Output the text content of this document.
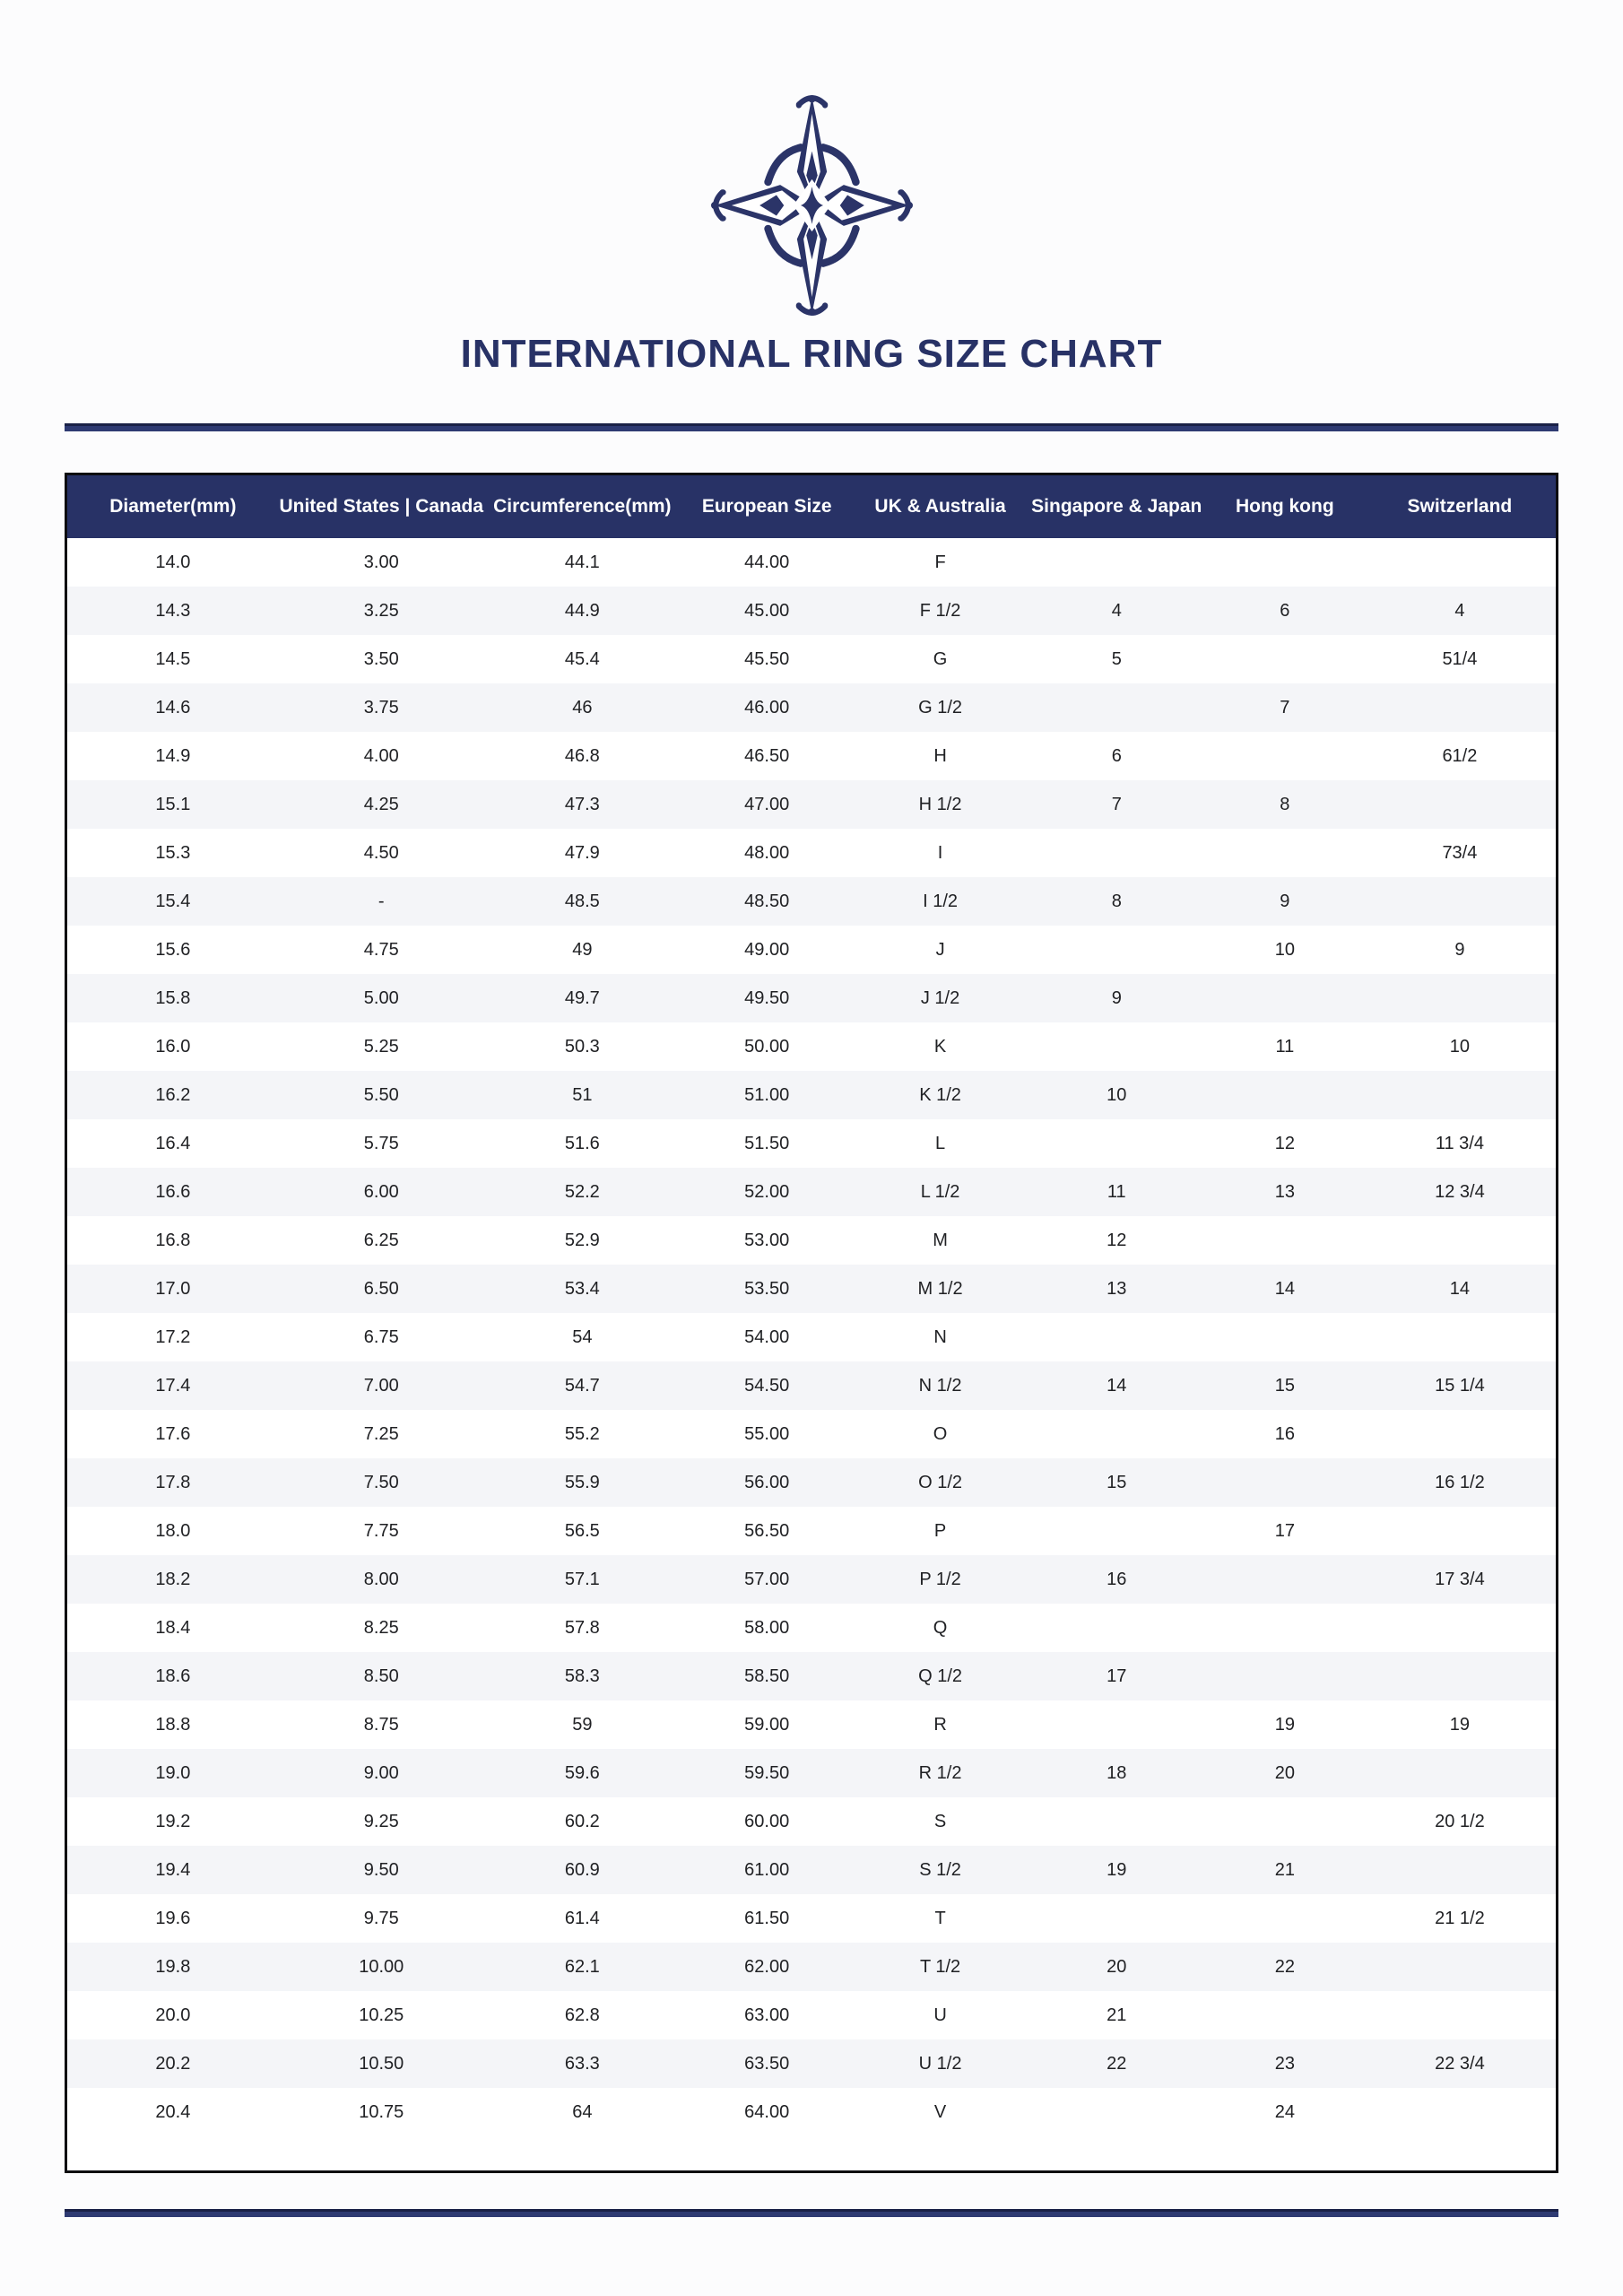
INTERNATIONAL RING SIZE CHART
Diameter(mm)	United States | Canada	Circumference(mm)	European Size	UK & Australia	Singapore & Japan	Hong kong	Switzerland
14.0	3.00	44.1	44.00	F			
14.3	3.25	44.9	45.00	F 1/2	4	6	4
14.5	3.50	45.4	45.50	G	5		51/4
14.6	3.75	46	46.00	G 1/2		7	
14.9	4.00	46.8	46.50	H	6		61/2
15.1	4.25	47.3	47.00	H 1/2	7	8	
15.3	4.50	47.9	48.00	I			73/4
15.4	-	48.5	48.50	I 1/2	8	9	
15.6	4.75	49	49.00	J		10	9
15.8	5.00	49.7	49.50	J 1/2	9		
16.0	5.25	50.3	50.00	K		11	10
16.2	5.50	51	51.00	K 1/2	10		
16.4	5.75	51.6	51.50	L		12	11 3/4
16.6	6.00	52.2	52.00	L 1/2	11	13	12 3/4
16.8	6.25	52.9	53.00	M	12		
17.0	6.50	53.4	53.50	M 1/2	13	14	14
17.2	6.75	54	54.00	N			
17.4	7.00	54.7	54.50	N 1/2	14	15	15 1/4
17.6	7.25	55.2	55.00	O		16	
17.8	7.50	55.9	56.00	O 1/2	15		16 1/2
18.0	7.75	56.5	56.50	P		17	
18.2	8.00	57.1	57.00	P 1/2	16		17 3/4
18.4	8.25	57.8	58.00	Q			
18.6	8.50	58.3	58.50	Q 1/2	17		
18.8	8.75	59	59.00	R		19	19
19.0	9.00	59.6	59.50	R 1/2	18	20	
19.2	9.25	60.2	60.00	S			20 1/2
19.4	9.50	60.9	61.00	S 1/2	19	21	
19.6	9.75	61.4	61.50	T			21 1/2
19.8	10.00	62.1	62.00	T 1/2	20	22	
20.0	10.25	62.8	63.00	U	21		
20.2	10.50	63.3	63.50	U 1/2	22	23	22 3/4
20.4	10.75	64	64.00	V		24	
